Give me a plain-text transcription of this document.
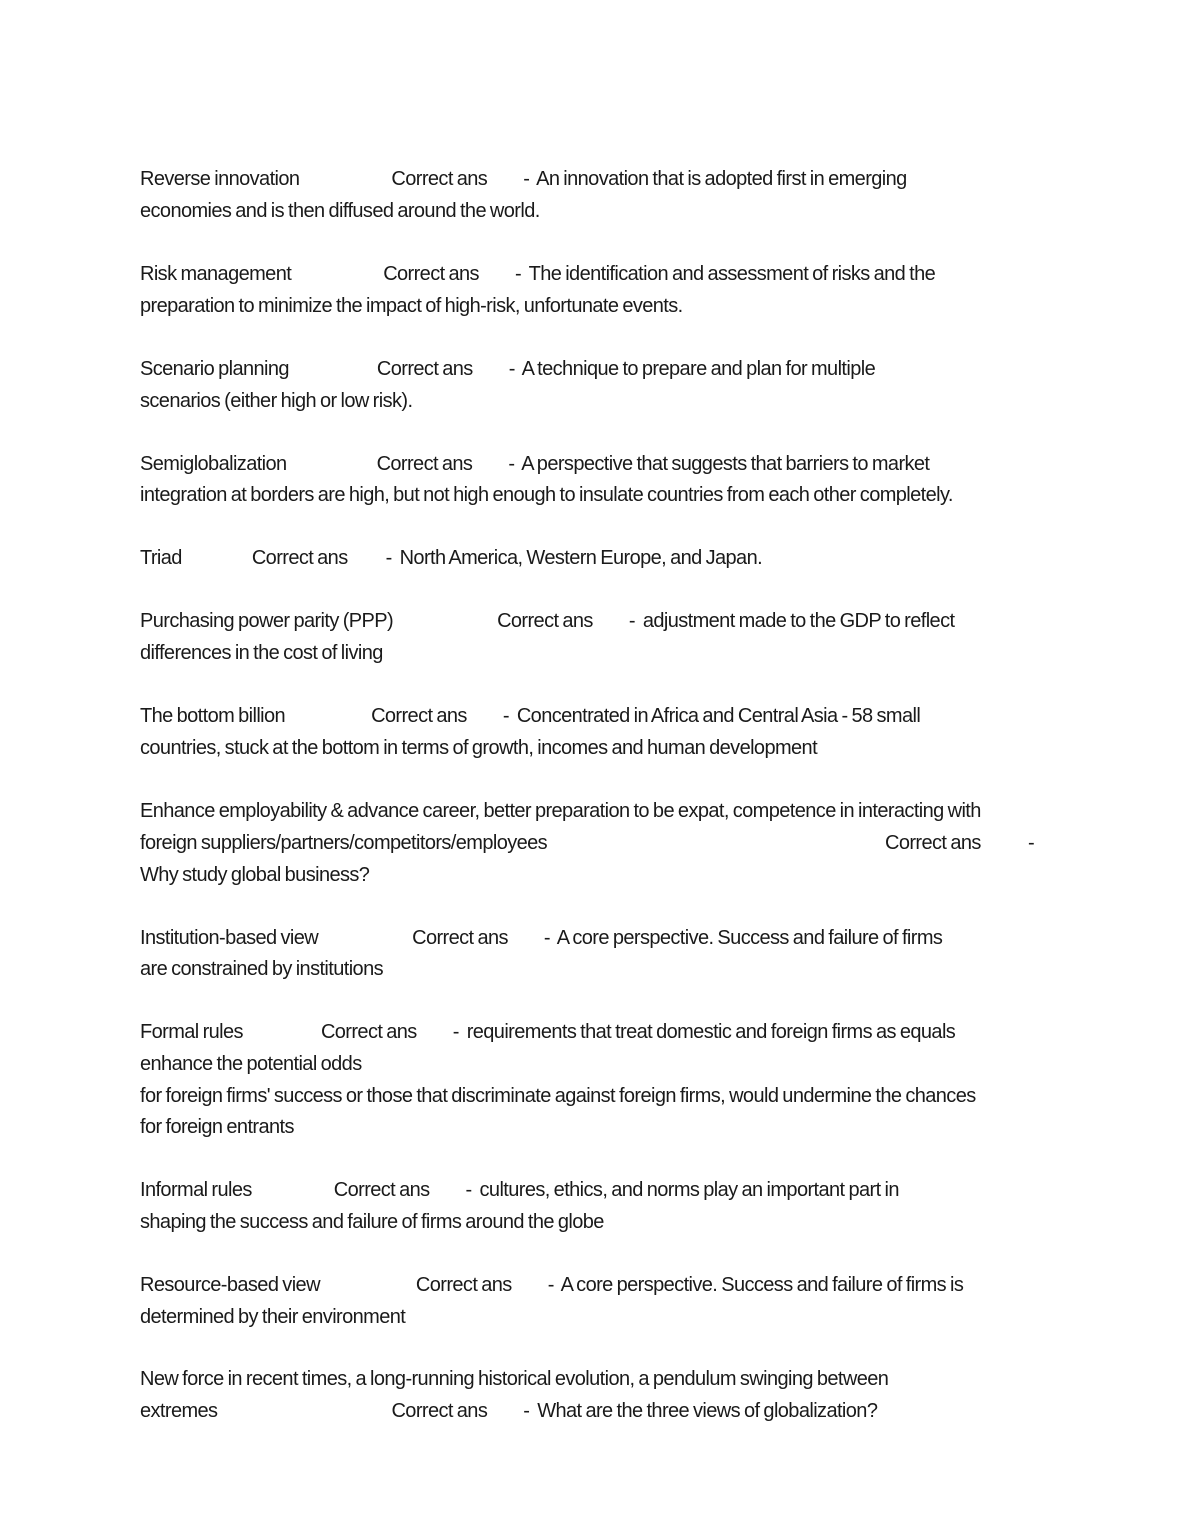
Reverse innovation	Correct ans -  An innovation that is adopted first in emerging
economies and is then diffused around the world.
Risk management	Correct ans -  The identification and assessment of risks and the
preparation to minimize the impact of high-risk, unfortunate events.
Scenario planning	Correct ans -  A technique to prepare and plan for multiple
scenarios (either high or low risk).
Semiglobalization	Correct ans -  A perspective that suggests that barriers to market
integration at borders are high, but not high enough to insulate countries from each other completely.
Triad	Correct ans -  North America, Western Europe, and Japan.
Purchasing power parity (PPP)	Correct ans -  adjustment made to the GDP to reflect
differences in the cost of living
The bottom billion	Correct ans -  Concentrated in Africa and Central Asia - 58 small
countries, stuck at the bottom in terms of growth, incomes and human development
Enhance employability & advance career, better preparation to be expat, competence in interacting with
foreign suppliers/partners/competitors/employees	Correct ans -
Why study global business?
Institution-based view	Correct ans -  A core perspective. Success and failure of firms
are constrained by institutions
Formal rules	Correct ans -  requirements that treat domestic and foreign firms as equals
enhance the potential odds
for foreign firms' success or those that discriminate against foreign firms, would undermine the chances
for foreign entrants
Informal rules	Correct ans -  cultures, ethics, and norms play an important part in
shaping the success and failure of firms around the globe
Resource-based view	Correct ans -  A core perspective. Success and failure of firms is
determined by their environment
New force in recent times, a long-running historical evolution, a pendulum swinging between
extremes	Correct ans -  What are the three views of globalization?
